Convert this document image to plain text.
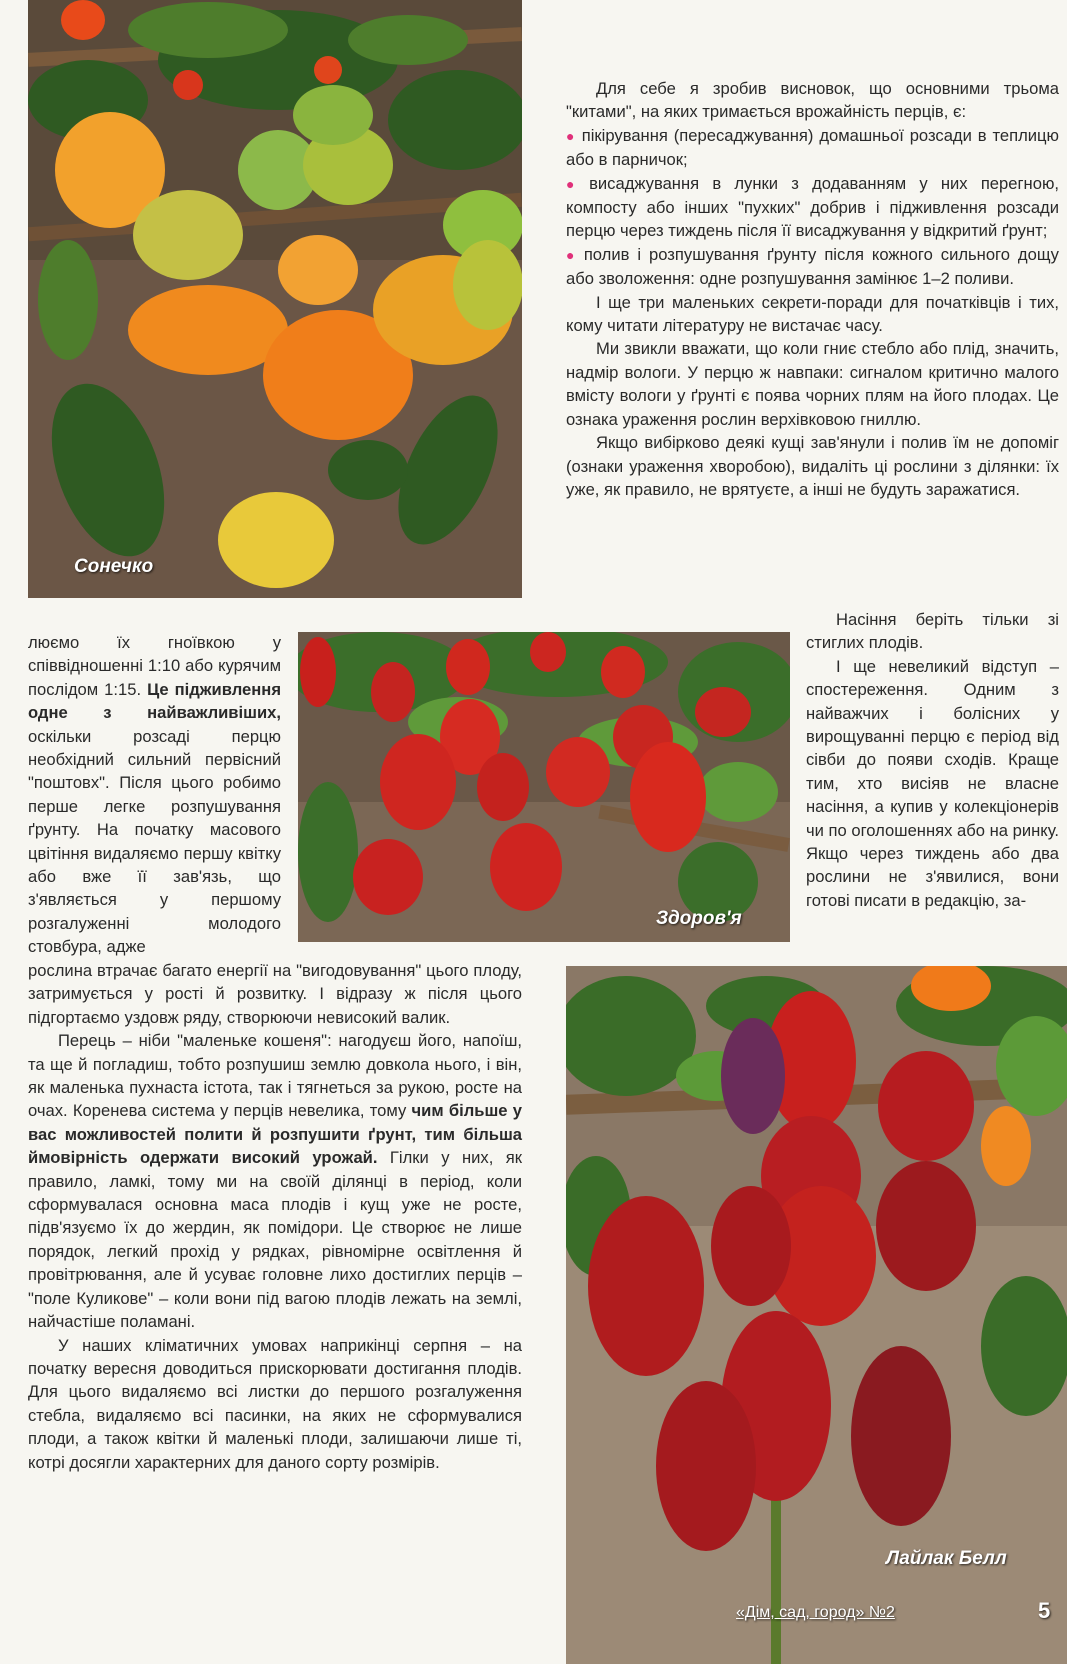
Сонечко

Для себе я зробив висновок, що основними трьома "китами", на яких тримається врожайність перців, є:

● пікірування (пересаджування) домашньої розсади в теплицю або в парничок;

● висаджування в лунки з додаванням у них перегною, компосту або інших "пухких" добрив і підживлення розсади перцю через тиждень після її висаджування у відкритий ґрунт;

● полив і розпушування ґрунту після кожного сильного дощу або зволоження: одне розпушування замінює 1–2 поливи.

І ще три маленьких секрети-поради для початківців і тих, кому читати літературу не вистачає часу.

Ми звикли вважати, що коли гниє стебло або плід, значить, надмір вологи. У перцю ж навпаки: сигналом критично малого вмісту вологи у ґрунті є поява чорних плям на його плодах. Це ознака ураження рослин верхівковою гниллю.

Якщо вибірково деякі кущі зав'янули і полив їм не допоміг (ознаки ураження хворобою), видаліть ці рослини з ділянки: їх уже, як правило, не врятуєте, а інші не будуть заражатися.

люємо їх гноївкою у співвідношенні 1:10 або курячим послідом 1:15. Це підживлення одне з найважливіших, оскільки розсаді перцю необхідний сильний первісний "поштовх". Після цього робимо перше легке розпушування ґрунту. На початку масового цвітіння видаляємо першу квітку або вже її зав'язь, що з'являється у першому розгалуженні молодого стовбура, адже

Здоров'я

Насіння беріть тільки зі стиглих плодів.

І ще невеликий відступ – спостереження. Одним з найважчих і болісних у вирощуванні перцю є період від сівби до появи сходів. Краще тим, хто висіяв не власне насіння, а купив у колекціонерів чи по оголошеннях або на ринку. Якщо через тиждень або два рослини не з'явилися, вони готові писати в редакцію, за-

рослина втрачає багато енергії на "вигодовування" цього плоду, затримується у рості й розвитку. І відразу ж після цього підгортаємо уздовж ряду, створюючи невисокий валик.

Перець – ніби "маленьке кошеня": нагодуєш його, напоїш, та ще й погладиш, тобто розпушиш землю довкола нього, і він, як маленька пухнаста істота, так і тягнеться за рукою, росте на очах. Коренева система у перців невелика, тому чим більше у вас можливостей полити й розпушити ґрунт, тим більша ймовірність одержати високий урожай. Гілки у них, як правило, ламкі, тому ми на своїй ділянці в період, коли сформувалася основна маса плодів і кущ уже не росте, підв'язуємо їх до жердин, як помідори. Це створює не лише порядок, легкий прохід у рядках, рівномірне освітлення й провітрювання, але й усуває головне лихо достиглих перців – "поле Куликове" – коли вони під вагою плодів лежать на землі, найчастіше поламані.

У наших кліматичних умовах наприкінці серпня – на початку вересня доводиться прискорювати достигання плодів. Для цього видаляємо всі листки до першого розгалуження стебла, видаляємо всі пасинки, на яких не сформувалися плоди, а також квітки й маленькі плоди, залишаючи лише ті, котрі досягли характерних для даного сорту розмірів.

Лайлак Белл
«Дім, сад, город» №2	5
